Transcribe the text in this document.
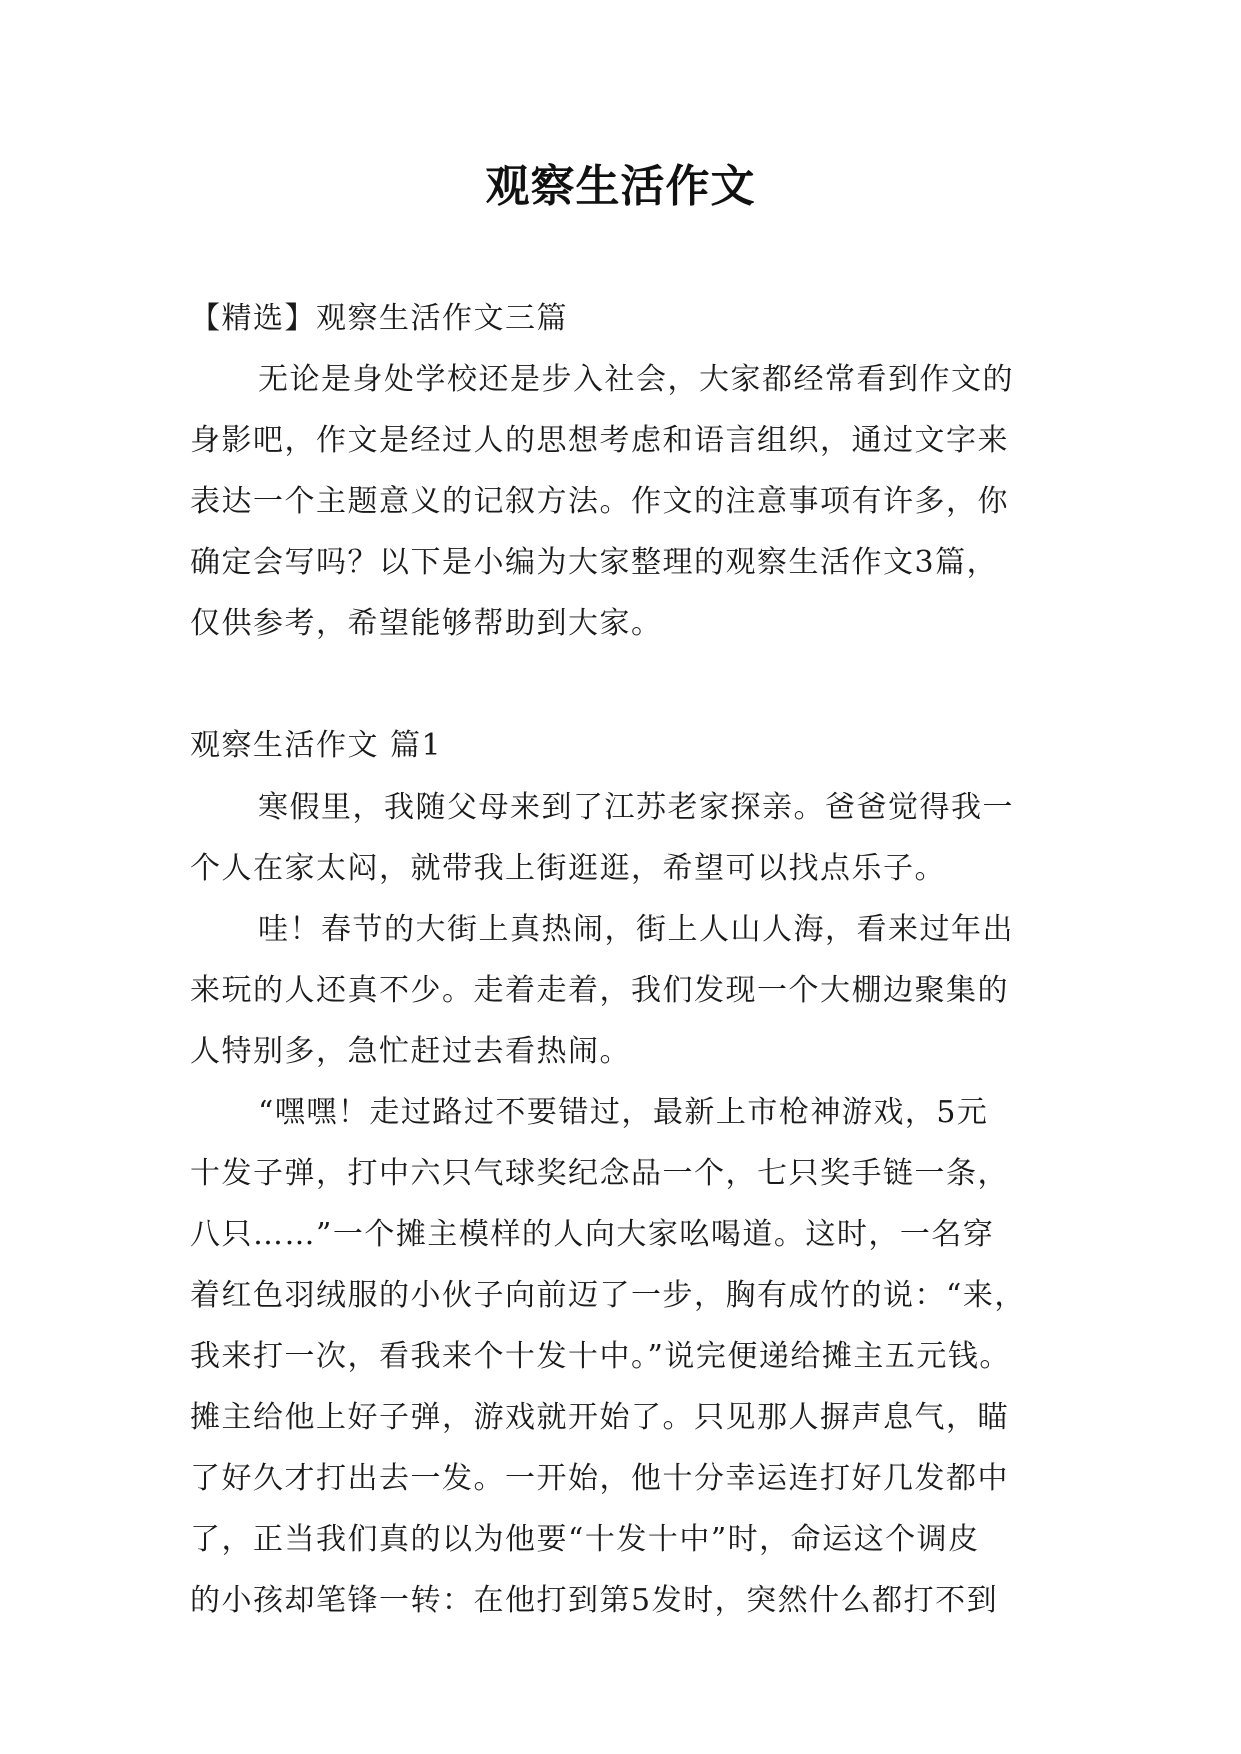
观察生活作文
【精选】观察生活作文三篇
无论是身处学校还是步入社会，大家都经常看到作文的
身影吧，作文是经过人的思想考虑和语言组织，通过文字来
表达一个主题意义的记叙方法。作文的注意事项有许多，你
确定会写吗？以下是小编为大家整理的观察生活作文3篇，
仅供参考，希望能够帮助到大家。
观察生活作文 篇1
寒假里，我随父母来到了江苏老家探亲。爸爸觉得我一
个人在家太闷，就带我上街逛逛，希望可以找点乐子。
哇！春节的大街上真热闹，街上人山人海，看来过年出
来玩的人还真不少。走着走着，我们发现一个大棚边聚集的
人特别多，急忙赶过去看热闹。
“嘿嘿！走过路过不要错过，最新上市枪神游戏，5元
十发子弹，打中六只气球奖纪念品一个，七只奖手链一条，
八只……”一个摊主模样的人向大家吆喝道。这时，一名穿
着红色羽绒服的小伙子向前迈了一步，胸有成竹的说：“来，
我来打一次，看我来个十发十中。”说完便递给摊主五元钱。
摊主给他上好子弹，游戏就开始了。只见那人摒声息气，瞄
了好久才打出去一发。一开始，他十分幸运连打好几发都中
了，正当我们真的以为他要“十发十中”时，命运这个调皮
的小孩却笔锋一转：在他打到第5发时，突然什么都打不到
